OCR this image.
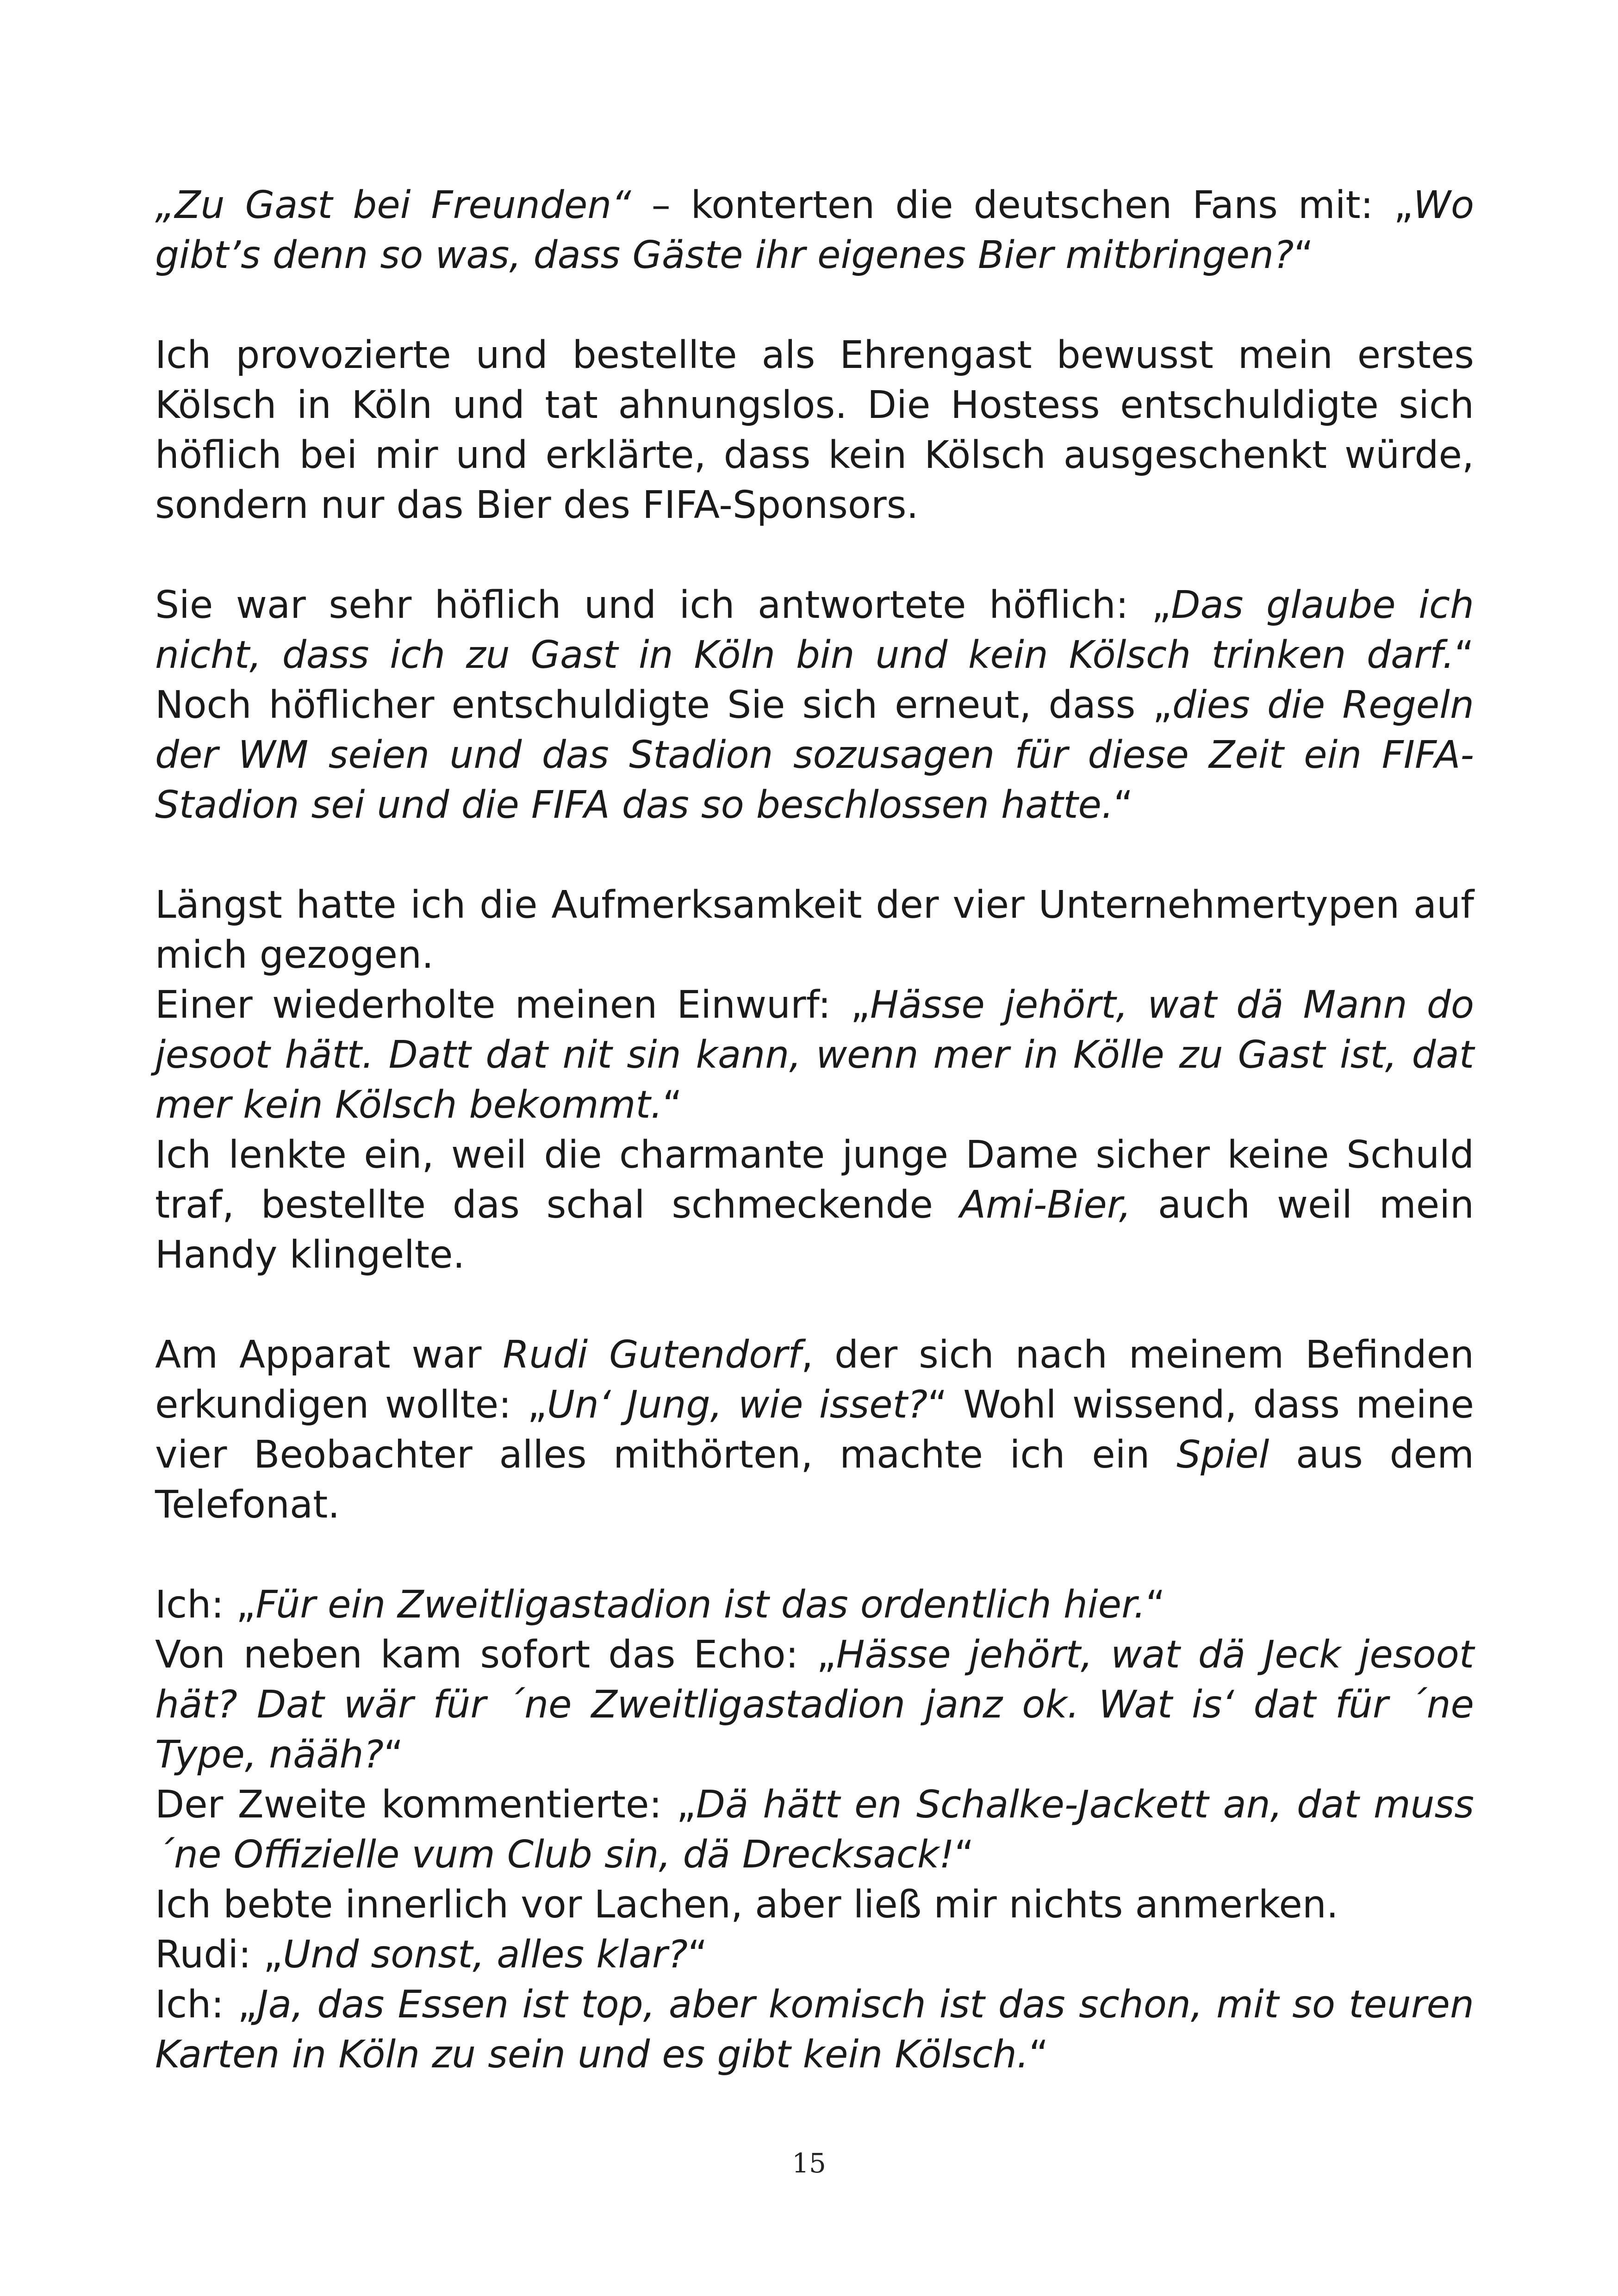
„Zu Gast bei Freunden“ – konterten die deutschen Fans mit: „Wo gibt’s denn so was, dass Gäste ihr eigenes Bier mitbringen?“

Ich provozierte und bestellte als Ehrengast bewusst mein erstes Kölsch in Köln und tat ahnungslos. Die Hostess entschuldigte sich höflich bei mir und erklärte, dass kein Kölsch ausgeschenkt würde, sondern nur das Bier des FIFA-Sponsors.

Sie war sehr höflich und ich antwortete höflich: „Das glaube ich nicht, dass ich zu Gast in Köln bin und kein Kölsch trinken darf.“ Noch höflicher entschuldigte Sie sich erneut, dass „dies die Regeln der WM seien und das Stadion sozusagen für diese Zeit ein FIFA-Stadion sei und die FIFA das so beschlossen hatte.“

Längst hatte ich die Aufmerksamkeit der vier Unternehmertypen auf mich gezogen.
Einer wiederholte meinen Einwurf: „Hässe jehört, wat dä Mann do jesoot hätt. Datt dat nit sin kann, wenn mer in Kölle zu Gast ist, dat mer kein Kölsch bekommt.“
Ich lenkte ein, weil die charmante junge Dame sicher keine Schuld traf, bestellte das schal schmeckende Ami-Bier, auch weil mein Handy klingelte.

Am Apparat war Rudi Gutendorf, der sich nach meinem Befinden erkundigen wollte: „Un‘ Jung, wie isset?“ Wohl wissend, dass meine vier Beobachter alles mithörten, machte ich ein Spiel aus dem Telefonat.

Ich: „Für ein Zweitligastadion ist das ordentlich hier.“
Von neben kam sofort das Echo: „Hässe jehört, wat dä Jeck jesoot hät? Dat wär für ´ne Zweitligastadion janz ok. Wat is‘ dat für ´ne Type, nääh?“
Der Zweite kommentierte: „Dä hätt en Schalke-Jackett an, dat muss ´ne Offizielle vum Club sin, dä Drecksack!“
Ich bebte innerlich vor Lachen, aber ließ mir nichts anmerken.
Rudi: „Und sonst, alles klar?“
Ich: „Ja, das Essen ist top, aber komisch ist das schon, mit so teuren Karten in Köln zu sein und es gibt kein Kölsch.“

15
